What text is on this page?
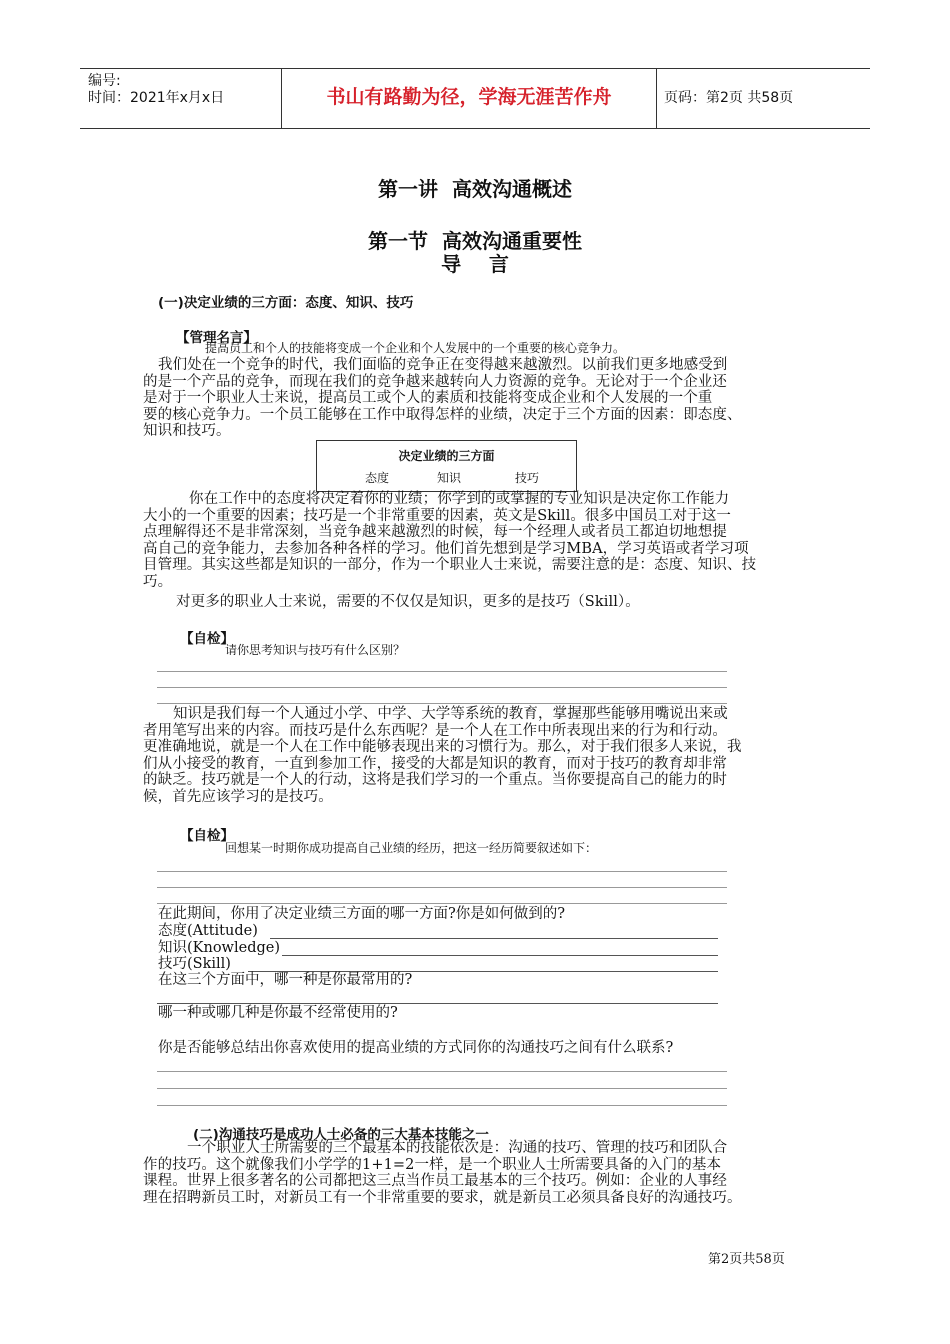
编号:
时间：2021年x月x日	书山有路勤为径，学海无涯苦作舟	页码：第2页 共58页
第一讲  高效沟通概述
第一节  高效沟通重要性
导    言
(一)决定业绩的三方面：态度、知识、技巧
【管理名言】
提高员工和个人的技能将变成一个企业和个人发展中的一个重要的核心竞争力。
我们处在一个竞争的时代，我们面临的竞争正在变得越来越激烈。以前我们更多地感受到
的是一个产品的竞争，而现在我们的竞争越来越转向人力资源的竞争。无论对于一个企业还
是对于一个职业人士来说，提高员工或个人的素质和技能将变成企业和个人发展的一个重
要的核心竞争力。一个员工能够在工作中取得怎样的业绩，决定于三个方面的因素：即态度、
知识和技巧。
决定业绩的三方面
态度	知识	技巧
你在工作中的态度将决定着你的业绩；你学到的或掌握的专业知识是决定你工作能力
大小的一个重要的因素；技巧是一个非常重要的因素，英文是Skill。很多中国员工对于这一
点理解得还不是非常深刻，当竞争越来越激烈的时候，每一个经理人或者员工都迫切地想提
高自己的竞争能力，去参加各种各样的学习。他们首先想到是学习MBA，学习英语或者学习项
目管理。其实这些都是知识的一部分，作为一个职业人士来说，需要注意的是：态度、知识、技
巧。
对更多的职业人士来说，需要的不仅仅是知识，更多的是技巧（Skill）。
【自检】
请你思考知识与技巧有什么区别？
知识是我们每一个人通过小学、中学、大学等系统的教育，掌握那些能够用嘴说出来或
者用笔写出来的内容。而技巧是什么东西呢？是一个人在工作中所表现出来的行为和行动。
更准确地说，就是一个人在工作中能够表现出来的习惯行为。那么，对于我们很多人来说，我
们从小接受的教育，一直到参加工作，接受的大都是知识的教育，而对于技巧的教育却非常
的缺乏。技巧就是一个人的行动，这将是我们学习的一个重点。当你要提高自己的能力的时
候，首先应该学习的是技巧。
【自检】
回想某一时期你成功提高自己业绩的经历，把这一经历简要叙述如下：
在此期间，你用了决定业绩三方面的哪一方面?你是如何做到的?
态度(Attitude)
知识(Knowledge)
技巧(Skill)
在这三个方面中，哪一种是你最常用的?
哪一种或哪几种是你最不经常使用的?
你是否能够总结出你喜欢使用的提高业绩的方式同你的沟通技巧之间有什么联系?
(二)沟通技巧是成功人士必备的三大基本技能之一
一个职业人士所需要的三个最基本的技能依次是：沟通的技巧、管理的技巧和团队合
作的技巧。这个就像我们小学学的1+1=2一样，是一个职业人士所需要具备的入门的基本
课程。世界上很多著名的公司都把这三点当作员工最基本的三个技巧。例如：企业的人事经
理在招聘新员工时，对新员工有一个非常重要的要求，就是新员工必须具备良好的沟通技巧。
第2页共58页
